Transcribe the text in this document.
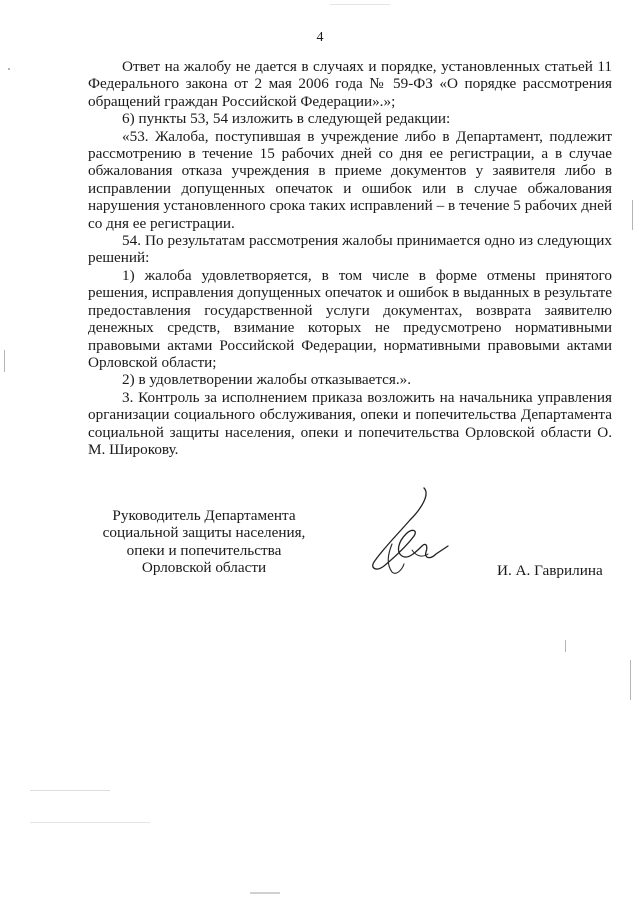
4

Ответ на жалобу не дается в случаях и порядке, установленных статьей 11 Федерального закона от 2 мая 2006 года № 59-ФЗ «О порядке рассмотрения обращений граждан Российской Федерации».»;

6) пункты 53, 54 изложить в следующей редакции:

«53. Жалоба, поступившая в учреждение либо в Департамент, подлежит рассмотрению в течение 15 рабочих дней со дня ее регистрации, а в случае обжалования отказа учреждения в приеме документов у заявителя либо в исправлении допущенных опечаток и ошибок или в случае обжалования нарушения установленного срока таких исправлений – в течение 5 рабочих дней со дня ее регистрации.

54. По результатам рассмотрения жалобы принимается одно из следующих решений:

1) жалоба удовлетворяется, в том числе в форме отмены принятого решения, исправления допущенных опечаток и ошибок в выданных в результате предоставления государственной услуги документах, возврата заявителю денежных средств, взимание которых не предусмотрено нормативными правовыми актами Российской Федерации, нормативными правовыми актами Орловской области;

2) в удовлетворении жалобы отказывается.».

3. Контроль за исполнением приказа возложить на начальника управления организации социального обслуживания, опеки и попечительства Департамента социальной защиты населения, опеки и попечительства Орловской области О. М. Широкову.

Руководитель Департамента
социальной защиты населения,
опеки и попечительства
Орловской области	И. А. Гаврилина
